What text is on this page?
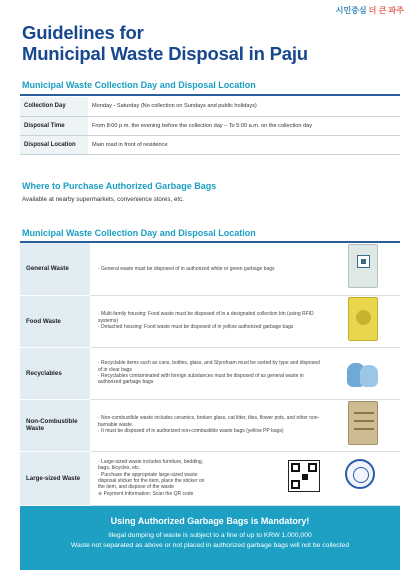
시민중심 더 큰 파주
Guidelines for
Municipal Waste Disposal in Paju
Municipal Waste Collection Day and Disposal Location
Collection Day	Monday - Saturday (No collection on Sundays and public holidays)
Disposal Time	From 8:00 p.m. the evening before the collection day – To 5:00 a.m. on the collection day
Disposal Location	Main road in front of residence
Where to Purchase Authorized Garbage Bags
Available at nearby supermarkets, convenience stores, etc.
Municipal Waste Collection Day and Disposal Location
General Waste	· General waste must be disposed of in authorized white or green garbage bags	

Food Waste	· Multi-family housing: Food waste must be disposed of in a designated collection bin (using RFID systems)

· Detached housing: Food waste must be disposed of in yellow authorized garbage bags	

Recyclables	· Recyclable items such as cans, bottles, glass, and Styrofoam must be sorted by type and disposed of in clear bags

· Recyclables contaminated with foreign substances must be disposed of as general waste in authorized garbage bags	

Non-Combustible Waste	· Non-combustible waste includes ceramics, broken glass, cat litter, tiles, flower pots, and other non-burnable waste.

· It must be disposed of in authorized non-combustible waste bags (yellow PP bags)	

Large-sized Waste	· Large-sized waste includes furniture, bedding, bags, bicycles, etc.

· Purchase the appropriate large-sized waste disposal sticker for the item, place the sticker on the item, and dispose of the waste

※ Payment Information: Scan the QR code	

Using Authorized Garbage Bags is Mandatory!
Illegal dumping of waste is subject to a fine of up to KRW 1,000,000
Waste not separated as above or not placed in authorized garbage bags will not be collected
